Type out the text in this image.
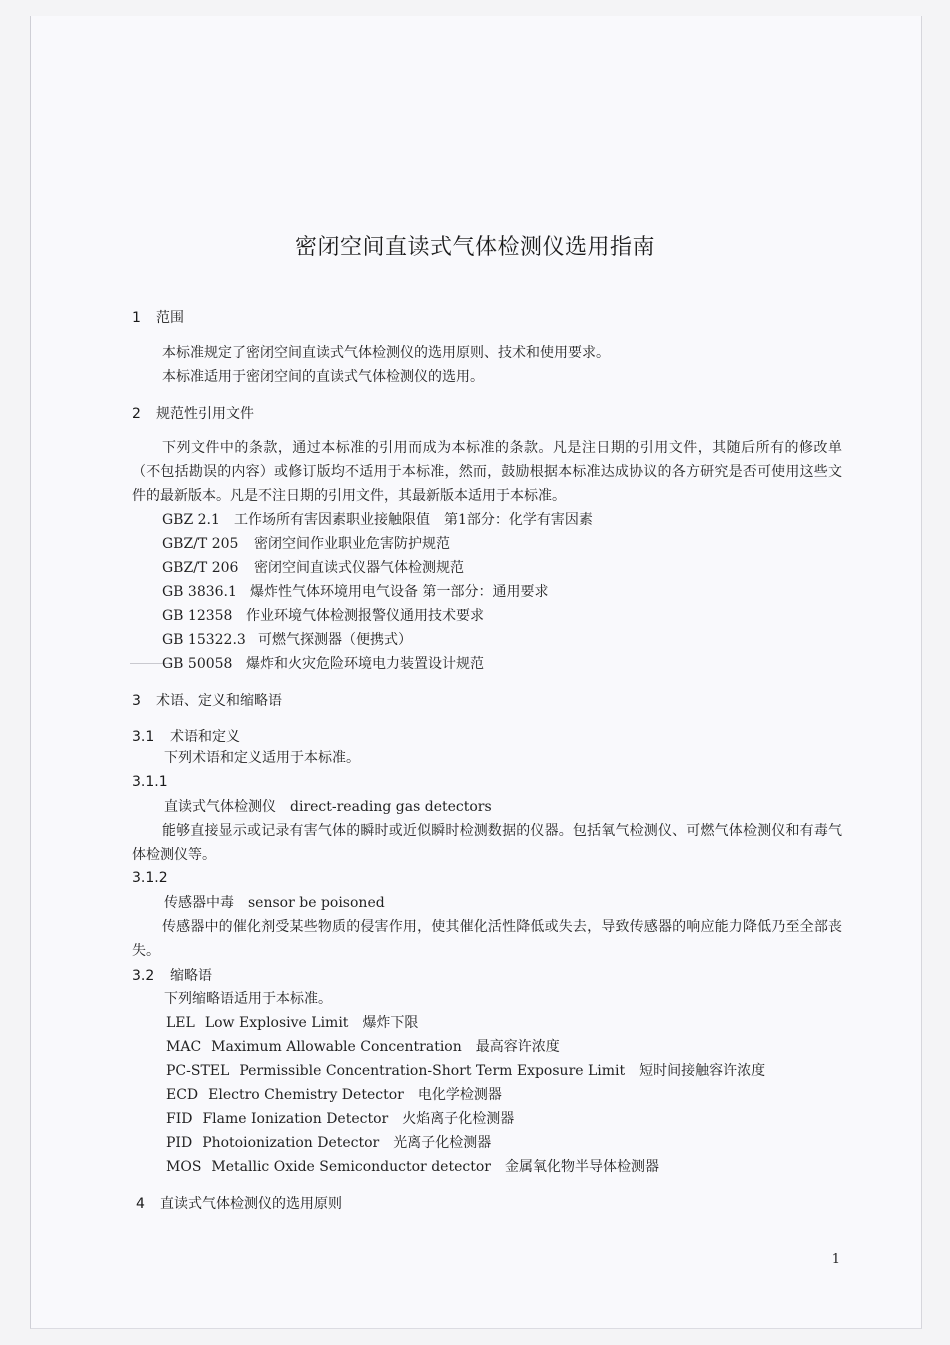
密闭空间直读式气体检测仪选用指南
1 范围
本标准规定了密闭空间直读式气体检测仪的选用原则、技术和使用要求。
本标准适用于密闭空间的直读式气体检测仪的选用。
2 规范性引用文件
下列文件中的条款，通过本标准的引用而成为本标准的条款。凡是注日期的引用文件，其随后所有的修改单（不包括勘误的内容）或修订版均不适用于本标准，然而，鼓励根据本标准达成协议的各方研究是否可使用这些文件的最新版本。凡是不注日期的引用文件，其最新版本适用于本标准。
GBZ 2.1 工作场所有害因素职业接触限值　第1部分：化学有害因素
GBZ/T 205 密闭空间作业职业危害防护规范
GBZ/T 206 密闭空间直读式仪器气体检测规范
GB 3836.1 爆炸性气体环境用电气设备 第一部分：通用要求
GB 12358 作业环境气体检测报警仪通用技术要求
GB 15322.3 可燃气探测器（便携式）
GB 50058 爆炸和火灾危险环境电力装置设计规范
3 术语、定义和缩略语
3.1 术语和定义
下列术语和定义适用于本标准。
3.1.1
直读式气体检测仪 direct-reading gas detectors
能够直接显示或记录有害气体的瞬时或近似瞬时检测数据的仪器。包括氧气检测仪、可燃气体检测仪和有毒气体检测仪等。
3.1.2
传感器中毒 sensor be poisoned
传感器中的催化剂受某些物质的侵害作用，使其催化活性降低或失去，导致传感器的响应能力降低乃至全部丧失。
3.2 缩略语
下列缩略语适用于本标准。
LEL Low Explosive Limit 爆炸下限
MAC Maximum Allowable Concentration 最高容许浓度
PC-STEL Permissible Concentration-Short Term Exposure Limit 短时间接触容许浓度
ECD Electro Chemistry Detector 电化学检测器
FID Flame Ionization Detector 火焰离子化检测器
PID Photoionization Detector 光离子化检测器
MOS Metallic Oxide Semiconductor detector 金属氧化物半导体检测器
4 直读式气体检测仪的选用原则
1
